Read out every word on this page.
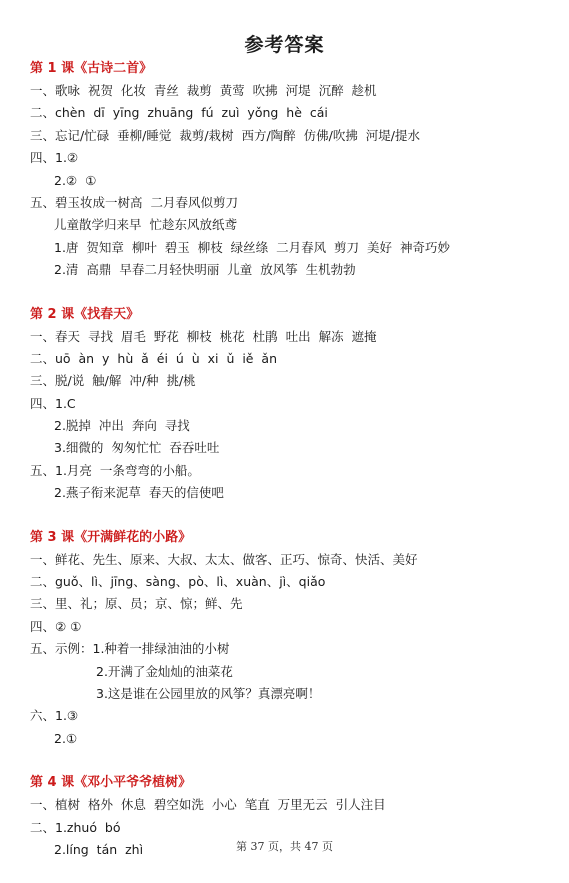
参考答案
第 1 课《古诗二首》
一、歌咏  祝贺  化妆  青丝  裁剪  黄莺  吹拂  河堤  沉醉  趁机
二、chèn  dī  yīng  zhuāng  fú  zuì  yǒng  hè  cái
三、忘记/忙碌  垂柳/睡觉  裁剪/栽树  西方/陶醉  仿佛/吹拂  河堤/提水
四、1.②
2.②  ①
五、碧玉妆成一树高  二月春风似剪刀
儿童散学归来早  忙趁东风放纸鸢
1.唐  贺知章  柳叶  碧玉  柳枝  绿丝绦  二月春风  剪刀  美好  神奇巧妙
2.清  高鼎  早春二月轻快明丽  儿童  放风筝  生机勃勃
第 2 课《找春天》
一、春天  寻找  眉毛  野花  柳枝  桃花  杜鹃  吐出  解冻  遮掩
二、uō  àn  y  hù  ǎ  éi  ú  ù  xi  ǔ  iě  ǎn
三、脱/说  触/解  冲/种  挑/桃
四、1.C
2.脱掉  冲出  奔向  寻找
3.细微的  匆匆忙忙  吞吞吐吐
五、1.月亮  一条弯弯的小船。
2.燕子衔来泥草  春天的信使吧
第 3 课《开满鲜花的小路》
一、鲜花、先生、原来、大叔、太太、做客、正巧、惊奇、快活、美好
二、guǒ、lì、jīng、sàng、pò、lì、xuàn、jì、qiǎo
三、里、礼；原、员；京、惊；鲜、先
四、② ①
五、示例：1.种着一排绿油油的小树
2.开满了金灿灿的油菜花
3.这是谁在公园里放的风筝？真漂亮啊！
六、1.③
2.①
第 4 课《邓小平爷爷植树》
一、植树  格外  休息  碧空如洗  小心  笔直  万里无云  引人注目
二、1.zhuó  bó
2.líng  tán  zhì	第 37 页，共 47 页
